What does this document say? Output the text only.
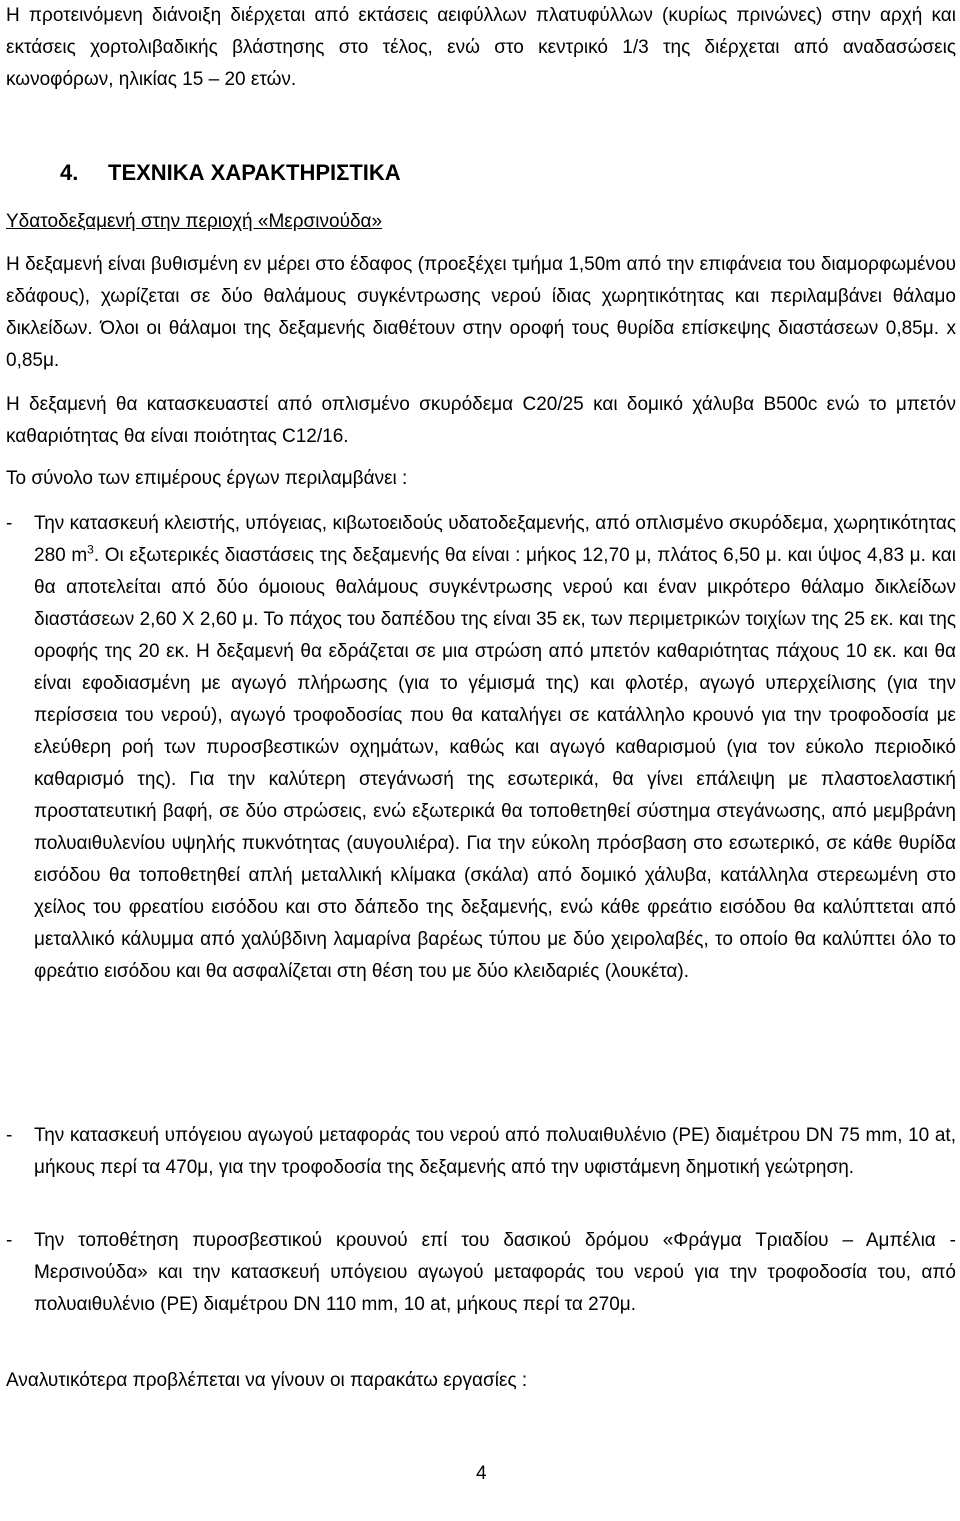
Η προτεινόμενη διάνοιξη διέρχεται από εκτάσεις αειφύλλων πλατυφύλλων (κυρίως πρινώνες) στην αρχή και εκτάσεις χορτολιβαδικής βλάστησης στο τέλος, ενώ στο κεντρικό 1/3 της διέρχεται από αναδασώσεις κωνοφόρων, ηλικίας 15 – 20 ετών.

4. ΤΕΧΝΙΚΑ ΧΑΡΑΚΤΗΡΙΣΤΙΚΑ

Υδατοδεξαμενή στην περιοχή «Μερσινούδα»

Η δεξαμενή είναι βυθισμένη εν μέρει στο έδαφος (προεξέχει τμήμα 1,50m από την επιφάνεια του διαμορφωμένου εδάφους), χωρίζεται σε δύο θαλάμους συγκέντρωσης νερού ίδιας χωρητικότητας και περιλαμβάνει θάλαμο δικλείδων. Όλοι οι θάλαμοι της δεξαμενής διαθέτουν στην οροφή τους θυρίδα επίσκεψης διαστάσεων 0,85μ. x 0,85μ.

Η δεξαμενή θα κατασκευαστεί από οπλισμένο σκυρόδεμα C20/25 και δομικό χάλυβα B500c ενώ το μπετόν καθαριότητας θα είναι ποιότητας C12/16.

Το σύνολο των επιμέρους έργων περιλαμβάνει :

-	Την κατασκευή κλειστής, υπόγειας, κιβωτοειδούς υδατοδεξαμενής, από οπλισμένο σκυρόδεμα, χωρητικότητας 280 $m^3$. Οι εξωτερικές διαστάσεις της δεξαμενής θα είναι : μήκος 12,70 μ, πλάτος 6,50 μ. και ύψος 4,83 μ. και θα αποτελείται από δύο όμοιους θαλάμους συγκέντρωσης νερού και έναν μικρότερο θάλαμο δικλείδων διαστάσεων 2,60 Χ 2,60 μ. Το πάχος του δαπέδου της είναι 35 εκ, των περιμετρικών τοιχίων της 25 εκ. και της οροφής της 20 εκ. Η δεξαμενή θα εδράζεται σε μια στρώση από μπετόν καθαριότητας πάχους 10 εκ. και θα είναι εφοδιασμένη με αγωγό πλήρωσης (για το γέμισμά της) και φλοτέρ, αγωγό υπερχείλισης (για την περίσσεια του νερού), αγωγό τροφοδοσίας που θα καταλήγει σε κατάλληλο κρουνό για την τροφοδοσία με ελεύθερη ροή των πυροσβεστικών οχημάτων, καθώς και αγωγό καθαρισμού (για τον εύκολο περιοδικό καθαρισμό της). Για την καλύτερη στεγάνωσή της εσωτερικά, θα γίνει επάλειψη με πλαστοελαστική προστατευτική βαφή, σε δύο στρώσεις, ενώ εξωτερικά θα τοποθετηθεί σύστημα στεγάνωσης, από μεμβράνη πολυαιθυλενίου υψηλής πυκνότητας (αυγουλιέρα). Για την εύκολη πρόσβαση στο εσωτερικό, σε κάθε θυρίδα εισόδου θα τοποθετηθεί απλή μεταλλική κλίμακα (σκάλα) από δομικό χάλυβα, κατάλληλα στερεωμένη στο χείλος του φρεατίου εισόδου και στο δάπεδο της δεξαμενής, ενώ κάθε φρεάτιο εισόδου θα καλύπτεται από μεταλλικό κάλυμμα από χαλύβδινη λαμαρίνα βαρέως τύπου με δύο χειρολαβές, το οποίο θα καλύπτει όλο το φρεάτιο εισόδου και θα ασφαλίζεται στη θέση του με δύο κλειδαριές (λουκέτα).

-	Την κατασκευή υπόγειου αγωγού μεταφοράς του νερού από πολυαιθυλένιο (PE) διαμέτρου DN 75 mm, 10 at, μήκους περί τα 470μ, για την τροφοδοσία της δεξαμενής από την υφιστάμενη δημοτική γεώτρηση.

-	Την τοποθέτηση πυροσβεστικού κρουνού επί του δασικού δρόμου «Φράγμα Τριαδίου – Αμπέλια - Μερσινούδα» και την κατασκευή υπόγειου αγωγού μεταφοράς του νερού για την τροφοδοσία του, από πολυαιθυλένιο (PE) διαμέτρου DN 110 mm, 10 at, μήκους περί τα 270μ.

Αναλυτικότερα προβλέπεται να γίνουν οι παρακάτω εργασίες :

4
